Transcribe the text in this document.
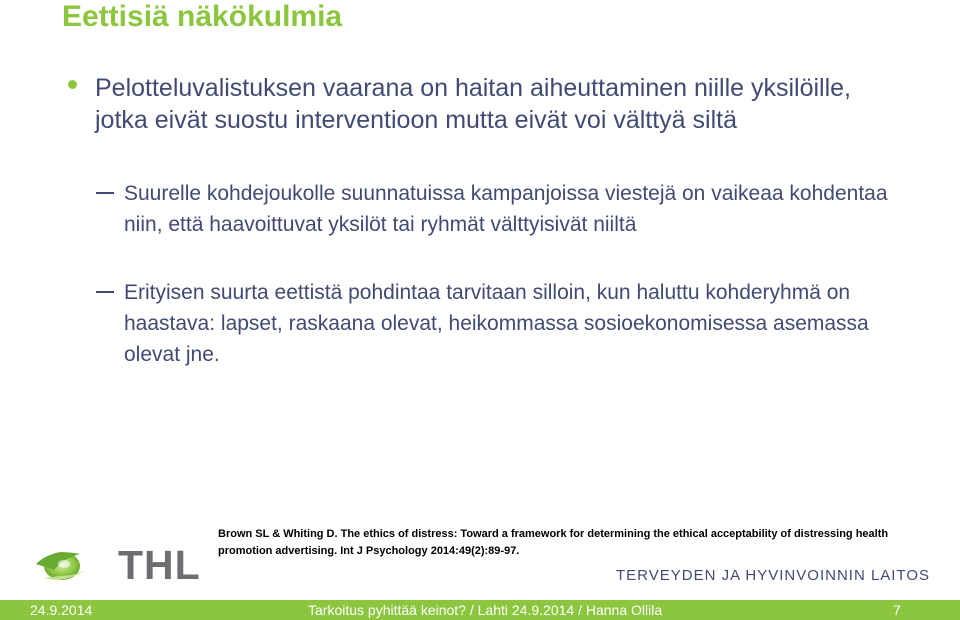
Eettisiä näkökulmia
Pelotteluvalistuksen vaarana on haitan aiheuttaminen niille yksilöille, jotka eivät suostu interventioon mutta eivät voi välttyä siltä
Suurelle kohdejoukolle suunnatuissa kampanjoissa viestejä on vaikeaa kohdentaa niin, että haavoittuvat yksilöt tai ryhmät välttyisivät niiltä
Erityisen suurta eettistä pohdintaa tarvitaan silloin, kun haluttu kohderyhmä on haastava: lapset, raskaana olevat, heikommassa sosioekonomisessa asemassa olevat jne.
Brown SL & Whiting D. The ethics of distress: Toward a framework for determining the ethical acceptability of distressing health promotion advertising. Int J Psychology 2014:49(2):89-97.
THL	TERVEYDEN JA HYVINVOINNIN LAITOS
24.9.2014	Tarkoitus pyhittää keinot? / Lahti 24.9.2014 / Hanna Ollila	7
